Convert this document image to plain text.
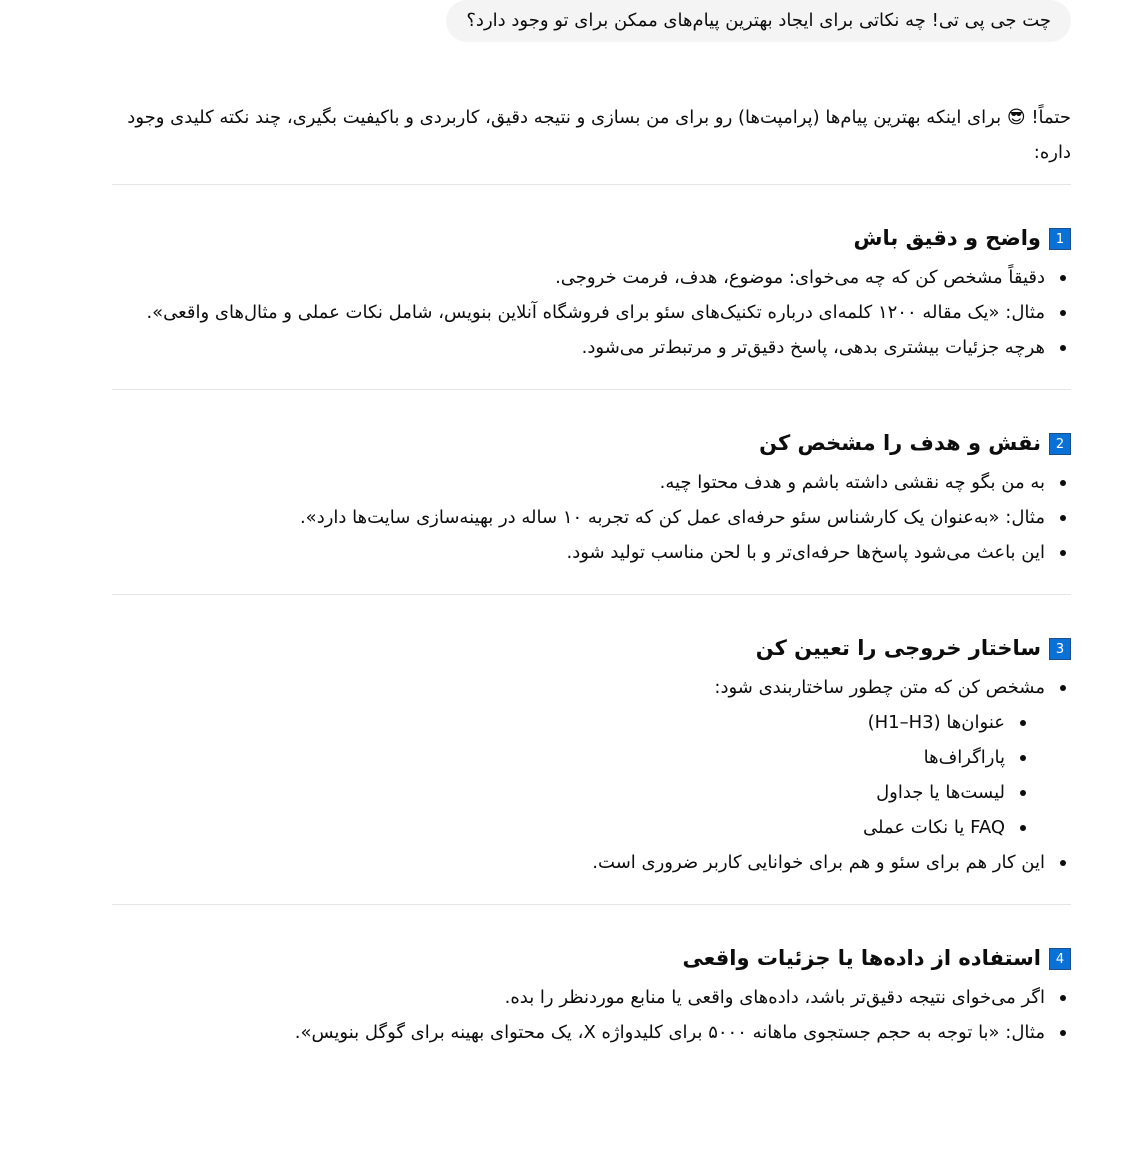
چت جی پی تی! چه نکاتی برای ایجاد بهترین پیام‌های ممکن برای تو وجود دارد؟
حتماً! 😎 برای اینکه بهترین پیام‌ها (پرامپت‌ها) رو برای من بسازی و نتیجه دقیق، کاربردی و باکیفیت بگیری، چند نکته کلیدی وجود داره:
1
واضح و دقیق باش
دقیقاً مشخص کن که چه می‌خوای: موضوع، هدف، فرمت خروجی.
مثال: «یک مقاله ۱۲۰۰ کلمه‌ای درباره تکنیک‌های سئو برای فروشگاه آنلاین بنویس، شامل نکات عملی و مثال‌های واقعی».
هرچه جزئیات بیشتری بدهی، پاسخ دقیق‌تر و مرتبط‌تر می‌شود.
2
نقش و هدف را مشخص کن
به من بگو چه نقشی داشته باشم و هدف محتوا چیه.
مثال: «به‌عنوان یک کارشناس سئو حرفه‌ای عمل کن که تجربه ۱۰ ساله در بهینه‌سازی سایت‌ها دارد».
این باعث می‌شود پاسخ‌ها حرفه‌ای‌تر و با لحن مناسب تولید شود.
3
ساختار خروجی را تعیین کن
مشخص کن که متن چطور ساختاربندی شود:
عنوان‌ها (H1–H3)
پاراگراف‌ها
لیست‌ها یا جداول
FAQ یا نکات عملی
این کار هم برای سئو و هم برای خوانایی کاربر ضروری است.
4
استفاده از داده‌ها یا جزئیات واقعی
اگر می‌خوای نتیجه دقیق‌تر باشد، داده‌های واقعی یا منابع موردنظر را بده.
مثال: «با توجه به حجم جستجوی ماهانه ۵۰۰۰ برای کلیدواژه X، یک محتوای بهینه برای گوگل بنویس».
